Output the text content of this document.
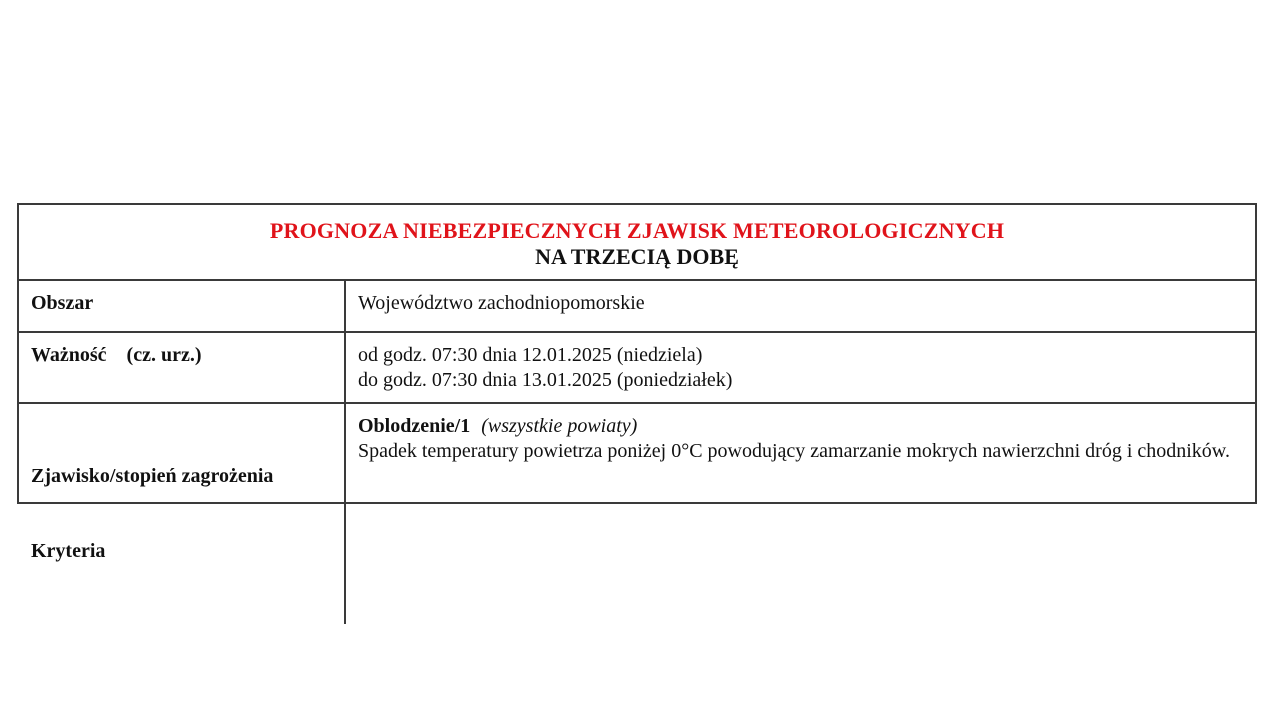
PROGNOZA NIEBEZPIECZNYCH ZJAWISK METEOROLOGICZNYCH
NA TRZECIĄ DOBĘ
Obszar	Województwo zachodniopomorskie
Ważność    (cz. urz.)	od godz. 07:30 dnia 12.01.2025 (niedziela)
do godz. 07:30 dnia 13.01.2025 (poniedziałek)

Zjawisko/stopień zagrożenia

Kryteria

Oblodzenie/1 (wszystkie powiaty)
Spadek temperatury powietrza poniżej 0°C powodujący zamarzanie mokrych nawierzchni dróg i chodników.
